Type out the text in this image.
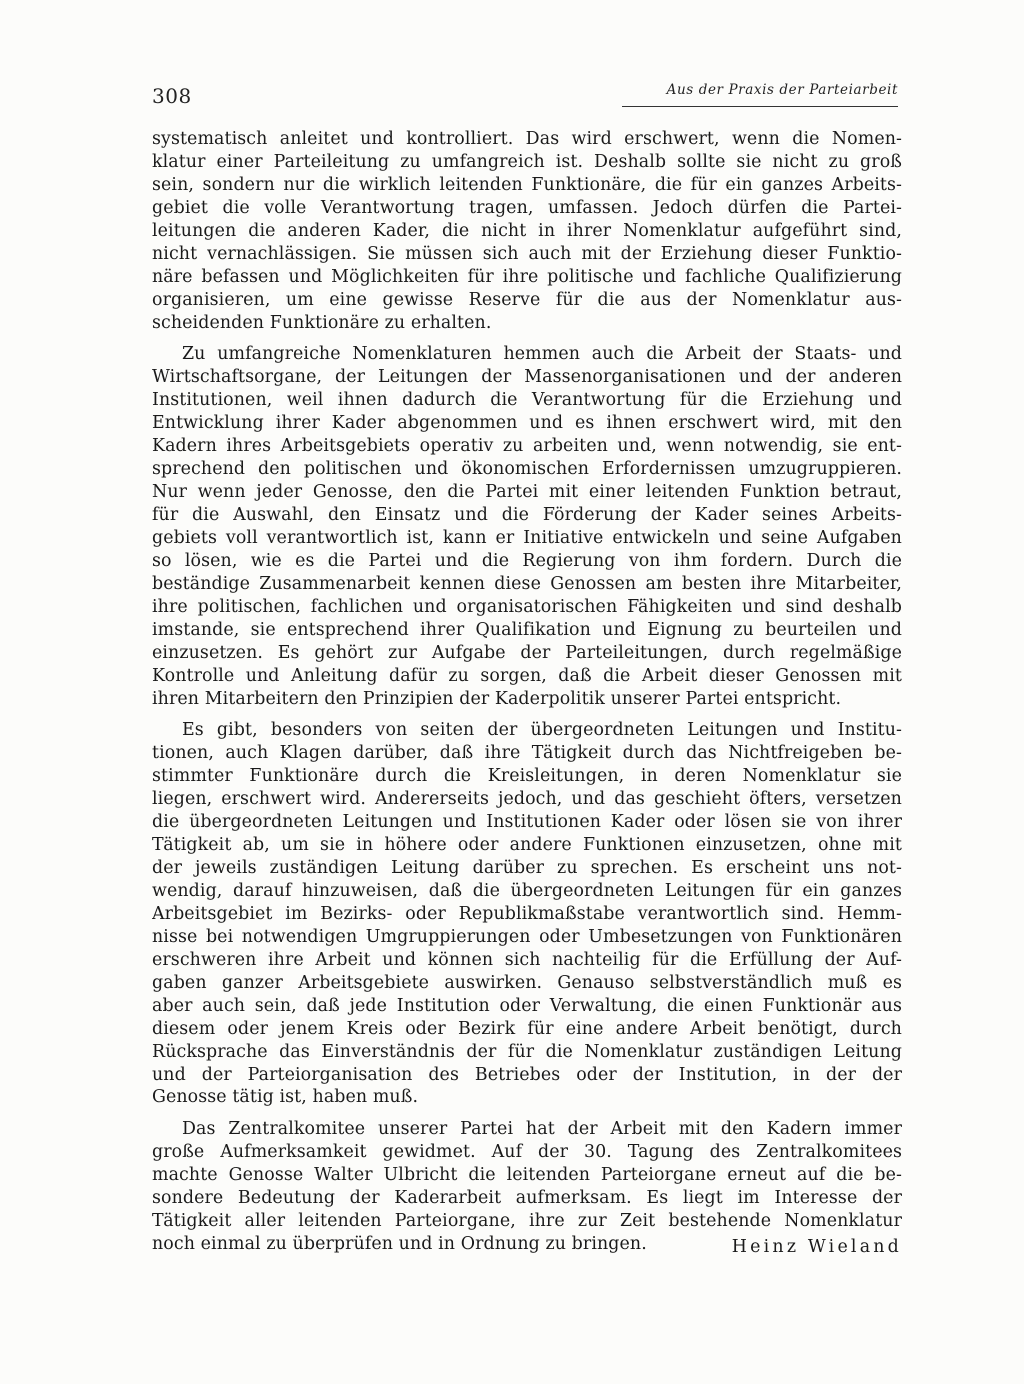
308	Aus der Praxis der Parteiarbeit
systematisch anleitet und kontrolliert. Das wird erschwert, wenn die Nomen-
klatur einer Parteileitung zu umfangreich ist. Deshalb sollte sie nicht zu groß
sein, sondern nur die wirklich leitenden Funktionäre, die für ein ganzes Arbeits-
gebiet die volle Verantwortung tragen, umfassen. Jedoch dürfen die Partei-
leitungen die anderen Kader, die nicht in ihrer Nomenklatur aufgeführt sind,
nicht vernachlässigen. Sie müssen sich auch mit der Erziehung dieser Funktio-
näre befassen und Möglichkeiten für ihre politische und fachliche Qualifizierung
organisieren, um eine gewisse Reserve für die aus der Nomenklatur aus-
scheidenden Funktionäre zu erhalten.
Zu umfangreiche Nomenklaturen hemmen auch die Arbeit der Staats- und
Wirtschaftsorgane, der Leitungen der Massenorganisationen und der anderen
Institutionen, weil ihnen dadurch die Verantwortung für die Erziehung und
Entwicklung ihrer Kader abgenommen und es ihnen erschwert wird, mit den
Kadern ihres Arbeitsgebiets operativ zu arbeiten und, wenn notwendig, sie ent-
sprechend den politischen und ökonomischen Erfordernissen umzugruppieren.
Nur wenn jeder Genosse, den die Partei mit einer leitenden Funktion betraut,
für die Auswahl, den Einsatz und die Förderung der Kader seines Arbeits-
gebiets voll verantwortlich ist, kann er Initiative entwickeln und seine Aufgaben
so lösen, wie es die Partei und die Regierung von ihm fordern. Durch die
beständige Zusammenarbeit kennen diese Genossen am besten ihre Mitarbeiter,
ihre politischen, fachlichen und organisatorischen Fähigkeiten und sind deshalb
imstande, sie entsprechend ihrer Qualifikation und Eignung zu beurteilen und
einzusetzen. Es gehört zur Aufgabe der Parteileitungen, durch regelmäßige
Kontrolle und Anleitung dafür zu sorgen, daß die Arbeit dieser Genossen mit
ihren Mitarbeitern den Prinzipien der Kaderpolitik unserer Partei entspricht.
Es gibt, besonders von seiten der übergeordneten Leitungen und Institu-
tionen, auch Klagen darüber, daß ihre Tätigkeit durch das Nichtfreigeben be-
stimmter Funktionäre durch die Kreisleitungen, in deren Nomenklatur sie
liegen, erschwert wird. Andererseits jedoch, und das geschieht öfters, versetzen
die übergeordneten Leitungen und Institutionen Kader oder lösen sie von ihrer
Tätigkeit ab, um sie in höhere oder andere Funktionen einzusetzen, ohne mit
der jeweils zuständigen Leitung darüber zu sprechen. Es erscheint uns not-
wendig, darauf hinzuweisen, daß die übergeordneten Leitungen für ein ganzes
Arbeitsgebiet im Bezirks- oder Republikmaßstabe verantwortlich sind. Hemm-
nisse bei notwendigen Umgruppierungen oder Umbesetzungen von Funktionären
erschweren ihre Arbeit und können sich nachteilig für die Erfüllung der Auf-
gaben ganzer Arbeitsgebiete auswirken. Genauso selbstverständlich muß es
aber auch sein, daß jede Institution oder Verwaltung, die einen Funktionär aus
diesem oder jenem Kreis oder Bezirk für eine andere Arbeit benötigt, durch
Rücksprache das Einverständnis der für die Nomenklatur zuständigen Leitung
und der Parteiorganisation des Betriebes oder der Institution, in der der
Genosse tätig ist, haben muß.
Das Zentralkomitee unserer Partei hat der Arbeit mit den Kadern immer
große Aufmerksamkeit gewidmet. Auf der 30. Tagung des Zentralkomitees
machte Genosse Walter Ulbricht die leitenden Parteiorgane erneut auf die be-
sondere Bedeutung der Kaderarbeit aufmerksam. Es liegt im Interesse der
Tätigkeit aller leitenden Parteiorgane, ihre zur Zeit bestehende Nomenklatur
noch einmal zu überprüfen und in Ordnung zu bringen.	Heinz Wieland
